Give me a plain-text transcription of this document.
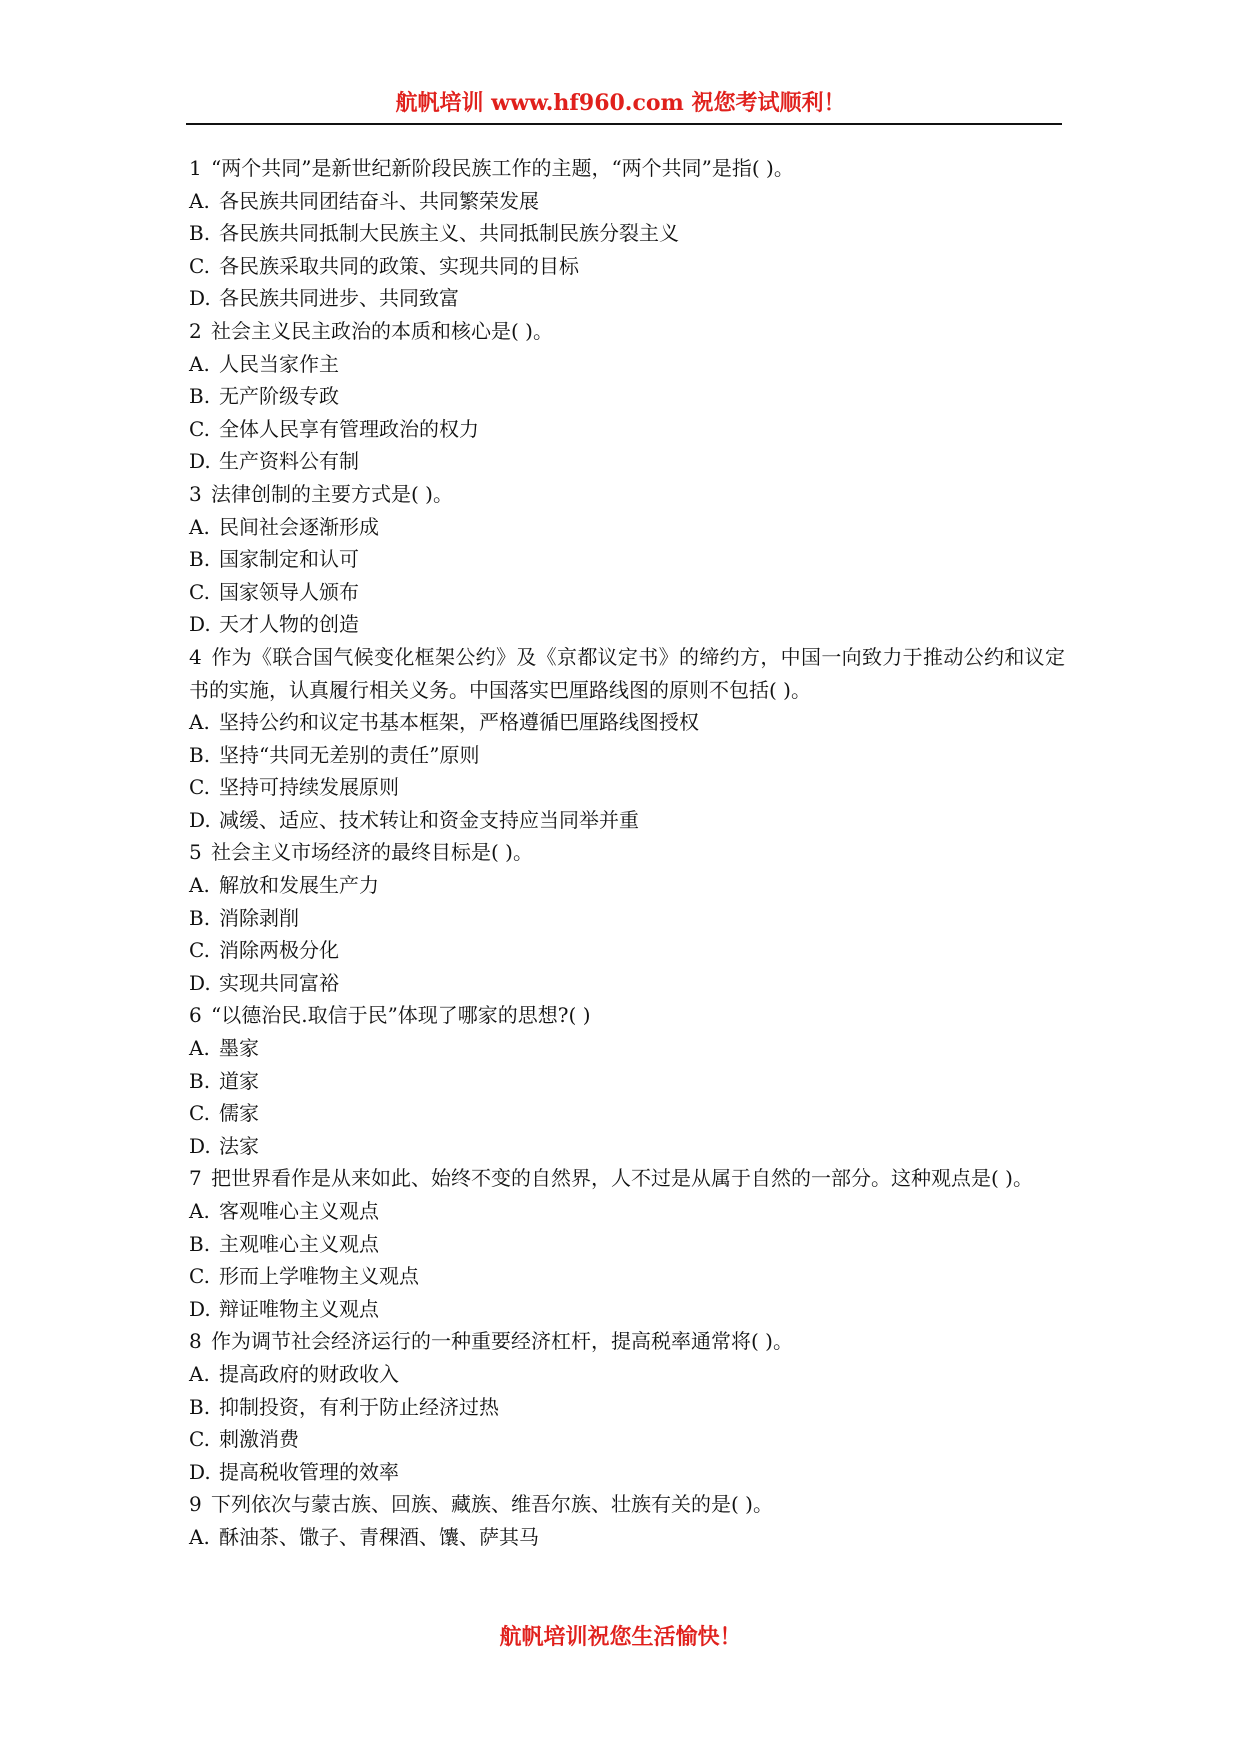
航帆培训 www.hf960.com 祝您考试顺利！

1 “两个共同”是新世纪新阶段民族工作的主题，“两个共同”是指( )。

A. 各民族共同团结奋斗、共同繁荣发展

B. 各民族共同抵制大民族主义、共同抵制民族分裂主义

C. 各民族采取共同的政策、实现共同的目标

D. 各民族共同进步、共同致富

2 社会主义民主政治的本质和核心是( )。

A. 人民当家作主

B. 无产阶级专政

C. 全体人民享有管理政治的权力

D. 生产资料公有制

3 法律创制的主要方式是( )。

A. 民间社会逐渐形成

B. 国家制定和认可

C. 国家领导人颁布

D. 天才人物的创造

4 作为《联合国气候变化框架公约》及《京都议定书》的缔约方，中国一向致力于推动公约和议定书的实施，认真履行相关义务。中国落实巴厘路线图的原则不包括( )。

A. 坚持公约和议定书基本框架，严格遵循巴厘路线图授权

B. 坚持“共同无差别的责任”原则

C. 坚持可持续发展原则

D. 减缓、适应、技术转让和资金支持应当同举并重

5 社会主义市场经济的最终目标是( )。

A. 解放和发展生产力

B. 消除剥削

C. 消除两极分化

D. 实现共同富裕

6 “以德治民.取信于民”体现了哪家的思想?( )

A. 墨家

B. 道家

C. 儒家

D. 法家

7 把世界看作是从来如此、始终不变的自然界，人不过是从属于自然的一部分。这种观点是( )。

A. 客观唯心主义观点

B. 主观唯心主义观点

C. 形而上学唯物主义观点

D. 辩证唯物主义观点

8 作为调节社会经济运行的一种重要经济杠杆，提高税率通常将( )。

A. 提高政府的财政收入

B. 抑制投资，有利于防止经济过热

C. 刺激消费

D. 提高税收管理的效率

9 下列依次与蒙古族、回族、藏族、维吾尔族、壮族有关的是( )。

A. 酥油茶、馓子、青稞酒、馕、萨其马

航帆培训祝您生活愉快！
